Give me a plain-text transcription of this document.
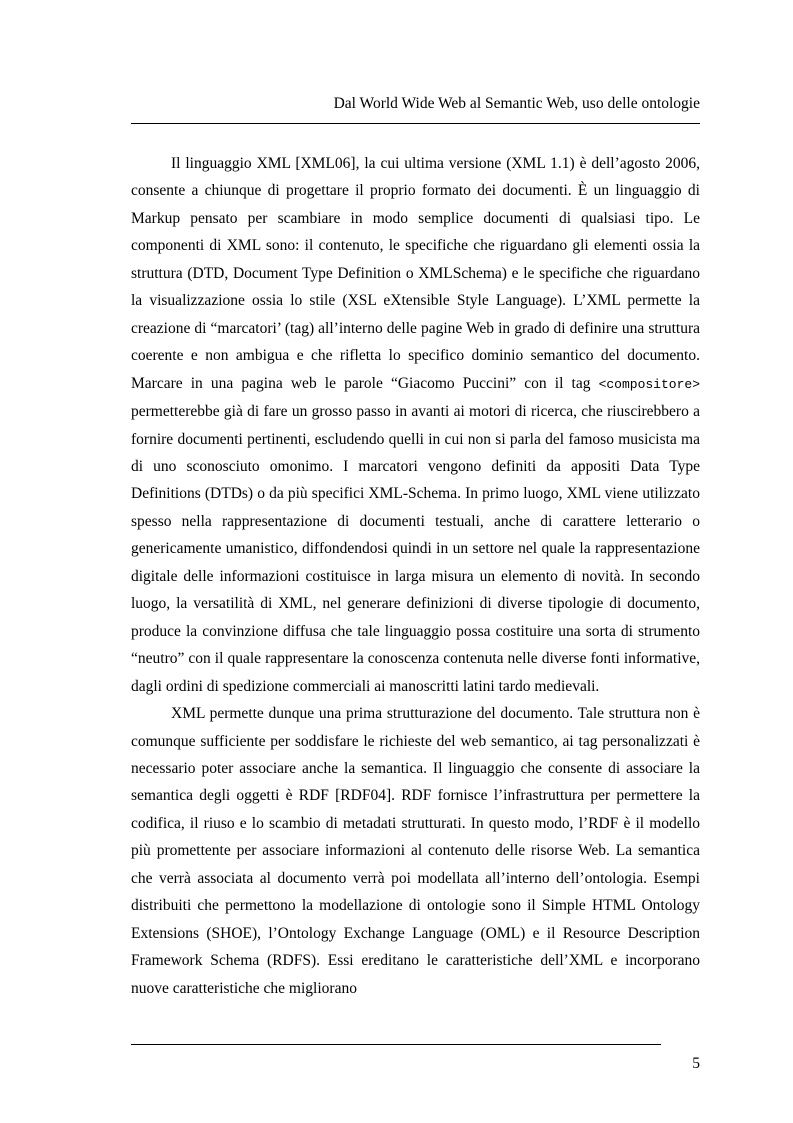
Dal World Wide Web al Semantic Web, uso delle ontologie

Il linguaggio XML [XML06], la cui ultima versione (XML 1.1) è dell’agosto 2006, consente a chiunque di progettare il proprio formato dei documenti. È un linguaggio di Markup pensato per scambiare in modo semplice documenti di qualsiasi tipo. Le componenti di XML sono: il contenuto, le specifiche che riguardano gli elementi ossia la struttura (DTD, Document Type Definition o XMLSchema) e le specifiche che riguardano la visualizzazione ossia lo stile (XSL eXtensible Style Language). L’XML permette la creazione di “marcatori’ (tag) all’interno delle pagine Web in grado di definire una struttura coerente e non ambigua e che rifletta lo specifico dominio semantico del documento. Marcare in una pagina web le parole “Giacomo Puccini” con il tag <compositore> permetterebbe già di fare un grosso passo in avanti ai motori di ricerca, che riuscirebbero a fornire documenti pertinenti, escludendo quelli in cui non si parla del famoso musicista ma di uno sconosciuto omonimo. I marcatori vengono definiti da appositi Data Type Definitions (DTDs) o da più specifici XML-Schema. In primo luogo, XML viene utilizzato spesso nella rappresentazione di documenti testuali, anche di carattere letterario o genericamente umanistico, diffondendosi quindi in un settore nel quale la rappresentazione digitale delle informazioni costituisce in larga misura un elemento di novità. In secondo luogo, la versatilità di XML, nel generare definizioni di diverse tipologie di documento, produce la convinzione diffusa che tale linguaggio possa costituire una sorta di strumento “neutro” con il quale rappresentare la conoscenza contenuta nelle diverse fonti informative, dagli ordini di spedizione commerciali ai manoscritti latini tardo medievali.

XML permette dunque una prima strutturazione del documento. Tale struttura non è comunque sufficiente per soddisfare le richieste del web semantico, ai tag personalizzati è necessario poter associare anche la semantica. Il linguaggio che consente di associare la semantica degli oggetti è RDF [RDF04]. RDF fornisce l’infrastruttura per permettere la codifica, il riuso e lo scambio di metadati strutturati. In questo modo, l’RDF è il modello più promettente per associare informazioni al contenuto delle risorse Web. La semantica che verrà associata al documento verrà poi modellata all’interno dell’ontologia. Esempi distribuiti che permettono la modellazione di ontologie sono il Simple HTML Ontology Extensions (SHOE), l’Ontology Exchange Language (OML) e il Resource Description Framework Schema (RDFS). Essi ereditano le caratteristiche dell’XML e incorporano nuove caratteristiche che migliorano

5
